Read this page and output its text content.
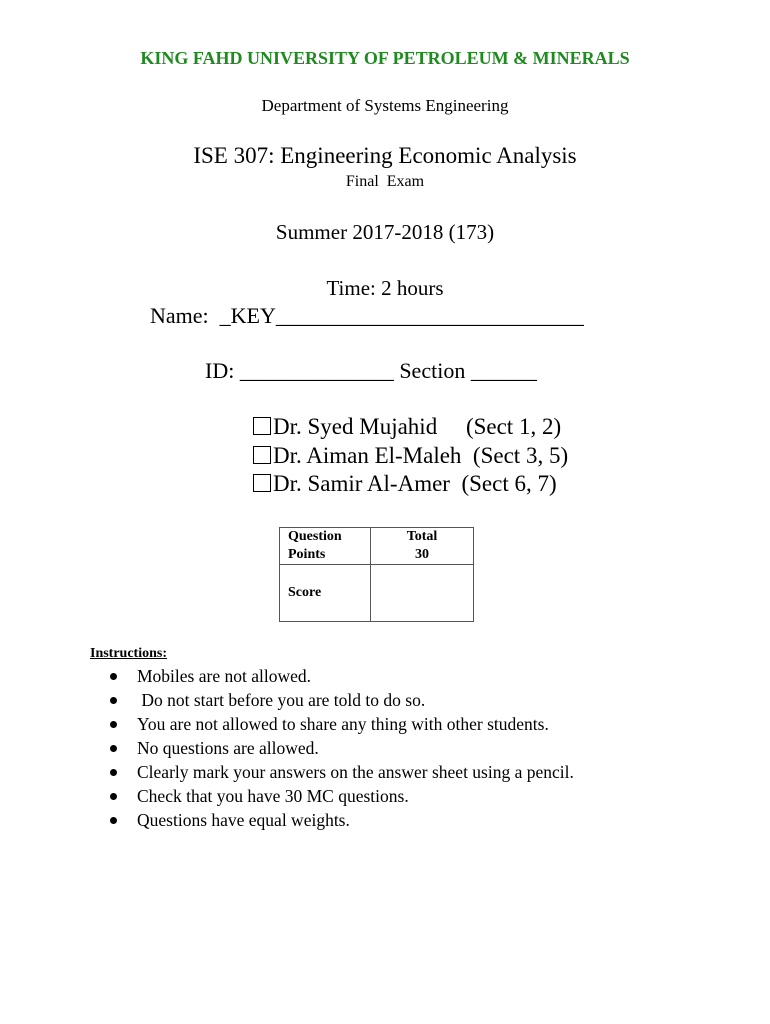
KING FAHD UNIVERSITY OF PETROLEUM & MINERALS
Department of Systems Engineering
ISE 307: Engineering Economic Analysis
Final  Exam
Summer 2017-2018 (173)
Time: 2 hours
Name:  _KEY____________________________
ID: ______________ Section ______
Dr. Syed Mujahid     (Sect 1, 2)
Dr. Aiman El-Maleh  (Sect 3, 5)
Dr. Samir Al-Amer  (Sect 6, 7)
Question	Total
Points	30
Score	
Instructions:
Mobiles are not allowed.
Do not start before you are told to do so.
You are not allowed to share any thing with other students.
No questions are allowed.
Clearly mark your answers on the answer sheet using a pencil.
Check that you have 30 MC questions.
Questions have equal weights.
